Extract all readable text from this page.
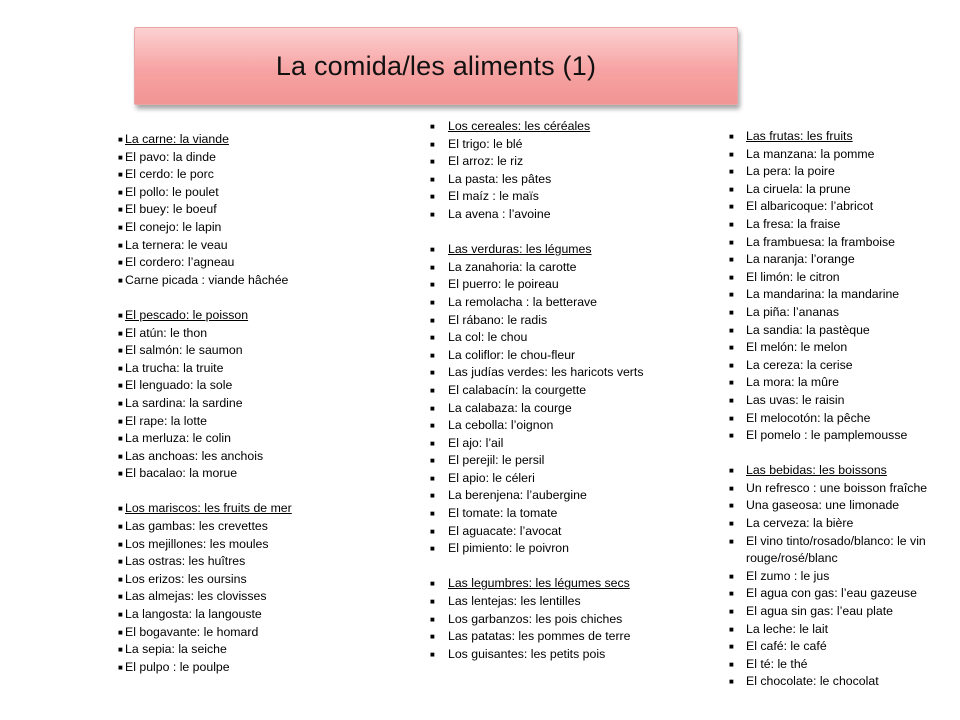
La comida/les aliments (1)
■ La carne: la viande
■ El pavo: la dinde
■ El cerdo: le porc
■ El pollo: le poulet
■ El buey: le boeuf
■ El conejo: le lapin
■ La ternera: le veau
■ El cordero: l’agneau
■ Carne picada : viande hâchée
■ El pescado: le poisson
■ El atún: le thon
■ El salmón: le saumon
■ La trucha: la truite
■ El lenguado: la sole
■ La sardina: la sardine
■ El rape: la lotte
■ La merluza: le colin
■ Las anchoas: les anchois
■ El bacalao: la morue
■ Los mariscos: les fruits de mer
■ Las gambas: les crevettes
■ Los mejillones: les moules
■ Las ostras: les huîtres
■ Los erizos: les oursins
■ Las almejas: les clovisses
■ La langosta: la langouste
■ El bogavante: le homard
■ La sepia: la seiche
■ El pulpo : le poulpe
■ Los cereales: les céréales
■ El trigo: le blé
■ El arroz: le riz
■ La pasta: les pâtes
■ El maíz : le maïs
■ La avena : l’avoine
■ Las verduras: les légumes
■ La zanahoria: la carotte
■ El puerro: le poireau
■ La remolacha : la betterave
■ El rábano: le radis
■ La col: le chou
■ La coliflor: le chou-fleur
■ Las judías verdes: les haricots verts
■ El calabacín: la courgette
■ La calabaza: la courge
■ La cebolla: l’oignon
■ El ajo: l’ail
■ El perejil: le persil
■ El apio: le céleri
■ La berenjena: l’aubergine
■ El tomate: la tomate
■ El aguacate: l’avocat
■ El pimiento: le poivron
■ Las legumbres: les légumes secs
■ Las lentejas: les lentilles
■ Los garbanzos: les pois chiches
■ Las patatas: les pommes de terre
■ Los guisantes: les petits pois
■ Las frutas: les fruits
■ La manzana: la pomme
■ La pera: la poire
■ La ciruela: la prune
■ El albaricoque: l’abricot
■ La fresa: la fraise
■ La frambuesa: la framboise
■ La naranja: l’orange
■ El limón: le citron
■ La mandarina: la mandarine
■ La piña: l’ananas
■ La sandia: la pastèque
■ El melón: le melon
■ La cereza: la cerise
■ La mora: la mûre
■ Las uvas: le raisin
■ El melocotón: la pêche
■ El pomelo : le pamplemousse
■ Las bebidas: les boissons
■ Un refresco : une boisson fraîche
■ Una gaseosa: une limonade
■ La cerveza: la bière
■ El vino tinto/rosado/blanco: le vin rouge/rosé/blanc
■ El zumo : le jus
■ El agua con gas: l’eau gazeuse
■ El agua sin gas: l’eau plate
■ La leche: le lait
■ El café: le café
■ El té: le thé
■ El chocolate: le chocolat
